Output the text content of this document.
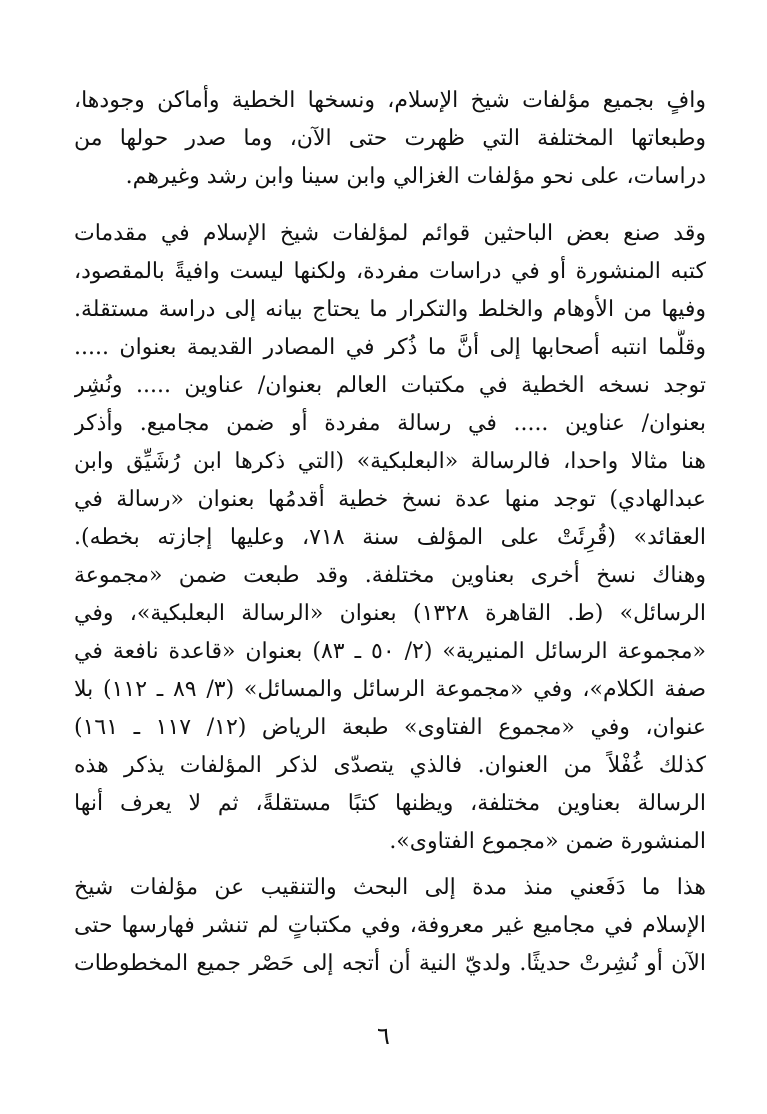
وافٍ بجميع مؤلفات شيخ الإسلام، ونسخها الخطية وأماكن وجودها،
وطبعاتها المختلفة التي ظهرت حتى الآن، وما صدر حولها من
دراسات، على نحو مؤلفات الغزالي وابن سينا وابن رشد وغيرهم.
وقد صنع بعض الباحثين قوائم لمؤلفات شيخ الإسلام في مقدمات
كتبه المنشورة أو في دراسات مفردة، ولكنها ليست وافيةً بالمقصود،
وفيها من الأوهام والخلط والتكرار ما يحتاج بيانه إلى دراسة مستقلة.
وقلَّما انتبه أصحابها إلى أنَّ ما ذُكر في المصادر القديمة بعنوان .....
توجد نسخه الخطية في مكتبات العالم بعنوان/ عناوين ..... ونُشِر
بعنوان/ عناوين ..... في رسالة مفردة أو ضمن مجاميع. وأذكر
هنا مثالا واحدا، فالرسالة «البعلبكية» (التي ذكرها ابن رُشَيِّق وابن
عبدالهادي) توجد منها عدة نسخ خطية أقدمُها بعنوان «رسالة في
العقائد» (قُرِئَتْ على المؤلف سنة ٧١٨، وعليها إجازته بخطه).
وهناك نسخ أخرى بعناوين مختلفة. وقد طبعت ضمن «مجموعة
الرسائل» (ط. القاهرة ١٣٢٨) بعنوان «الرسالة البعلبكية»، وفي
«مجموعة الرسائل المنيرية» (٢/ ٥٠ ـ ٨٣) بعنوان «قاعدة نافعة في
صفة الكلام»، وفي «مجموعة الرسائل والمسائل» (٣/ ٨٩ ـ ١١٢) بلا
عنوان، وفي «مجموع الفتاوى» طبعة الرياض (١٢/ ١١٧ ـ ١٦١)
كذلك غُفْلاً من العنوان. فالذي يتصدّى لذكر المؤلفات يذكر هذه
الرسالة بعناوين مختلفة، ويظنها كتبًا مستقلةً، ثم لا يعرف أنها
المنشورة ضمن «مجموع الفتاوى».
هذا ما دَفَعني منذ مدة إلى البحث والتنقيب عن مؤلفات شيخ
الإسلام في مجاميع غير معروفة، وفي مكتباتٍ لم تنشر فهارسها حتى
الآن أو نُشِرتْ حديثًا. ولديّ النية أن أتجه إلى حَصْر جميع المخطوطات
٦
